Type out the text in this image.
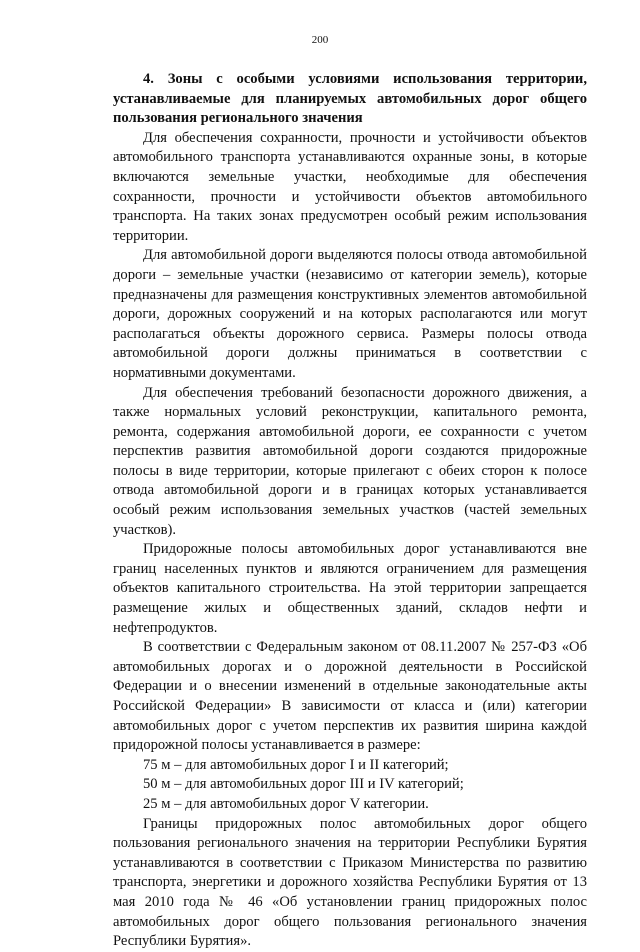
200

4. Зоны с особыми условиями использования территории, устанавливаемые для планируемых автомобильных дорог общего пользования регионального значения

Для обеспечения сохранности, прочности и устойчивости объектов автомобильного транспорта устанавливаются охранные зоны, в которые включаются земельные участки, необходимые для обеспечения сохранности, прочности и устойчивости объектов автомобильного транспорта. На таких зонах предусмотрен особый режим использования территории.

Для автомобильной дороги выделяются полосы отвода автомобильной дороги – земельные участки (независимо от категории земель), которые предназначены для размещения конструктивных элементов автомобильной дороги, дорожных сооружений и на которых располагаются или могут располагаться объекты дорожного сервиса. Размеры полосы отвода автомобильной дороги должны приниматься в соответствии с нормативными документами.

Для обеспечения требований безопасности дорожного движения, а также нормальных условий реконструкции, капитального ремонта, ремонта, содержания автомобильной дороги, ее сохранности с учетом перспектив развития автомобильной дороги создаются придорожные полосы в виде территории, которые прилегают с обеих сторон к полосе отвода автомобильной дороги и в границах которых устанавливается особый режим использования земельных участков (частей земельных участков).

Придорожные полосы автомобильных дорог устанавливаются вне границ населенных пунктов и являются ограничением для размещения объектов капитального строительства. На этой территории запрещается размещение жилых и общественных зданий, складов нефти и нефтепродуктов.

В соответствии с Федеральным законом от 08.11.2007 № 257-ФЗ «Об автомобильных дорогах и о дорожной деятельности в Российской Федерации и о внесении изменений в отдельные законодательные акты Российской Федерации» В зависимости от класса и (или) категории автомобильных дорог с учетом перспектив их развития ширина каждой придорожной полосы устанавливается в размере:

75 м – для автомобильных дорог I и II категорий;

50 м – для автомобильных дорог III и IV категорий;

25 м – для автомобильных дорог V категории.

Границы придорожных полос автомобильных дорог общего пользования регионального значения на территории Республики Бурятия устанавливаются в соответствии с Приказом Министерства по развитию транспорта, энергетики и дорожного хозяйства Республики Бурятия от 13 мая 2010 года № 46 «Об установлении границ придорожных полос автомобильных дорог общего пользования регионального значения Республики Бурятия».
